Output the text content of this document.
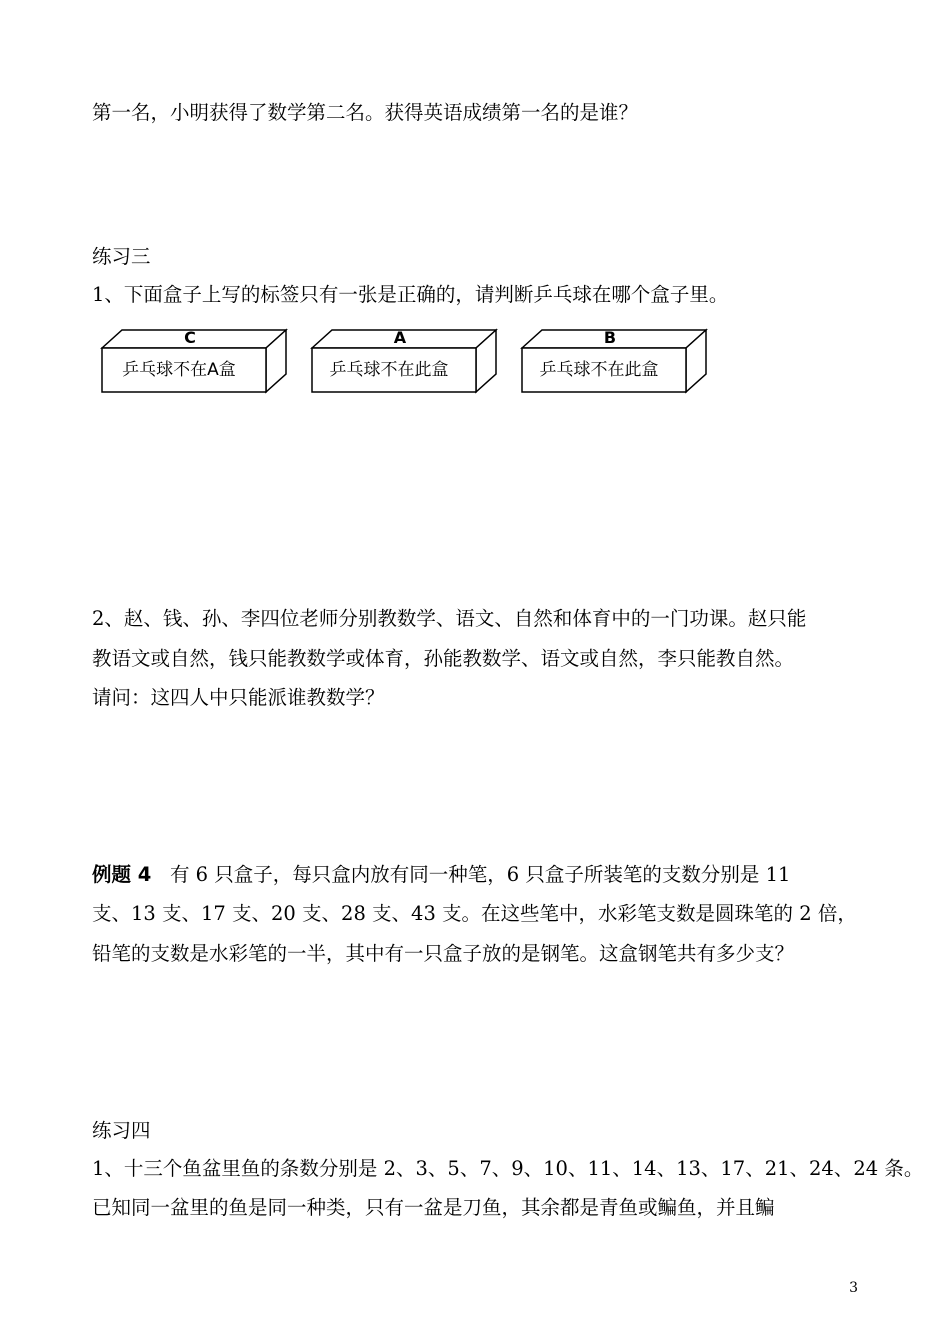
第一名，小明获得了数学第二名。获得英语成绩第一名的是谁？
练习三
1、下面盒子上写的标签只有一张是正确的，请判断乒乓球在哪个盒子里。
C
乒乓球不在A盒
A
乒乓球不在此盒
B
乒乓球不在此盒
2、赵、钱、孙、李四位老师分别教数学、语文、自然和体育中的一门功课。赵只能
教语文或自然，钱只能教数学或体育，孙能教数学、语文或自然，李只能教自然。
请问：这四人中只能派谁教数学？
例题 4 有 6 只盒子，每只盒内放有同一种笔，6 只盒子所装笔的支数分别是 11
支、13 支、17 支、20 支、28 支、43 支。在这些笔中，水彩笔支数是圆珠笔的 2 倍，
铅笔的支数是水彩笔的一半，其中有一只盒子放的是钢笔。这盒钢笔共有多少支？
练习四
1、十三个鱼盆里鱼的条数分别是 2、3、5、7、9、10、11、14、13、17、21、24、24 条。
已知同一盆里的鱼是同一种类，只有一盆是刀鱼，其余都是青鱼或鳊鱼，并且鳊
3
